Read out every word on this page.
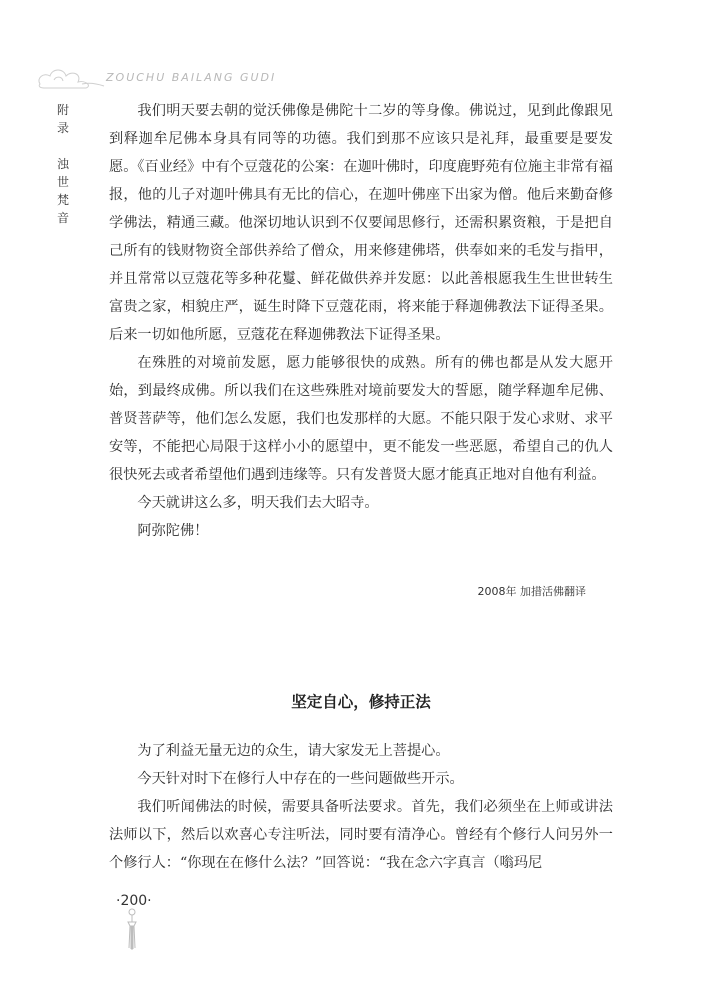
ZOUCHU BAILANG GUDI
附录
浊世梵音

我们明天要去朝的觉沃佛像是佛陀十二岁的等身像。佛说过，见到此像跟见到释迦牟尼佛本身具有同等的功德。我们到那不应该只是礼拜，最重要是要发愿。《百业经》中有个豆蔻花的公案：在迦叶佛时，印度鹿野苑有位施主非常有福报，他的儿子对迦叶佛具有无比的信心，在迦叶佛座下出家为僧。他后来勤奋修学佛法，精通三藏。他深切地认识到不仅要闻思修行，还需积累资粮，于是把自己所有的钱财物资全部供养给了僧众，用来修建佛塔，供奉如来的毛发与指甲，并且常常以豆蔻花等多种花鬘、鲜花做供养并发愿：以此善根愿我生生世世转生富贵之家，相貌庄严，诞生时降下豆蔻花雨，将来能于释迦佛教法下证得圣果。后来一切如他所愿，豆蔻花在释迦佛教法下证得圣果。

在殊胜的对境前发愿，愿力能够很快的成熟。所有的佛也都是从发大愿开始，到最终成佛。所以我们在这些殊胜对境前要发大的誓愿，随学释迦牟尼佛、普贤菩萨等，他们怎么发愿，我们也发那样的大愿。不能只限于发心求财、求平安等，不能把心局限于这样小小的愿望中，更不能发一些恶愿，希望自己的仇人很快死去或者希望他们遇到违缘等。只有发普贤大愿才能真正地对自他有利益。

今天就讲这么多，明天我们去大昭寺。

阿弥陀佛！

2008年 加措活佛翻译
坚定自心，修持正法

为了利益无量无边的众生，请大家发无上菩提心。

今天针对时下在修行人中存在的一些问题做些开示。

我们听闻佛法的时候，需要具备听法要求。首先，我们必须坐在上师或讲法法师以下，然后以欢喜心专注听法，同时要有清净心。曾经有个修行人问另外一个修行人：“你现在在修什么法？”回答说：“我在念六字真言（嗡玛尼

·200·
